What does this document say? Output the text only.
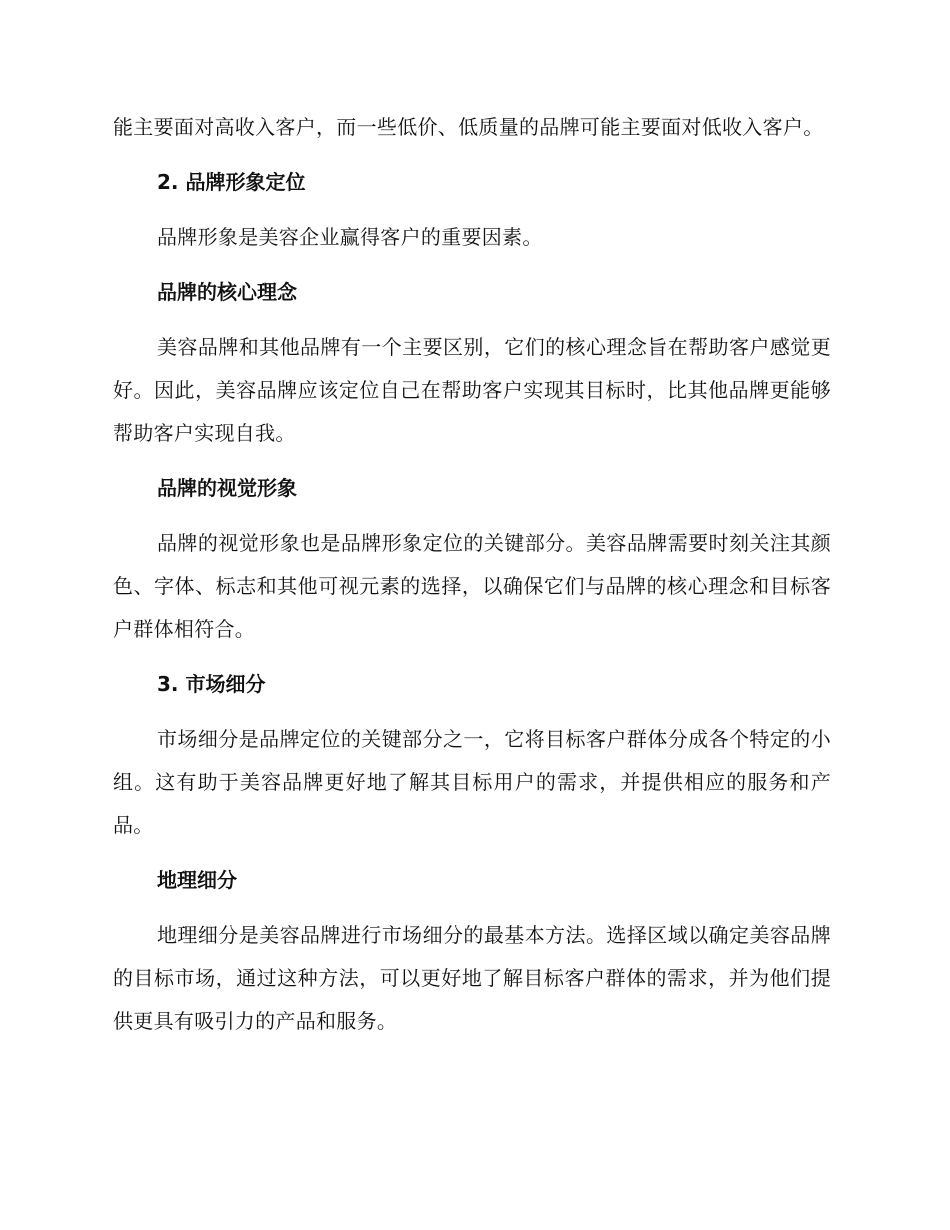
能主要面对高收入客户，而一些低价、低质量的品牌可能主要面对低收入客户。

2. 品牌形象定位

品牌形象是美容企业赢得客户的重要因素。

品牌的核心理念

美容品牌和其他品牌有一个主要区别，它们的核心理念旨在帮助客户感觉更好。因此，美容品牌应该定位自己在帮助客户实现其目标时，比其他品牌更能够帮助客户实现自我。

品牌的视觉形象

品牌的视觉形象也是品牌形象定位的关键部分。美容品牌需要时刻关注其颜色、字体、标志和其他可视元素的选择，以确保它们与品牌的核心理念和目标客户群体相符合。

3. 市场细分

市场细分是品牌定位的关键部分之一，它将目标客户群体分成各个特定的小组。这有助于美容品牌更好地了解其目标用户的需求，并提供相应的服务和产品。

地理细分

地理细分是美容品牌进行市场细分的最基本方法。选择区域以确定美容品牌的目标市场，通过这种方法，可以更好地了解目标客户群体的需求，并为他们提供更具有吸引力的产品和服务。
